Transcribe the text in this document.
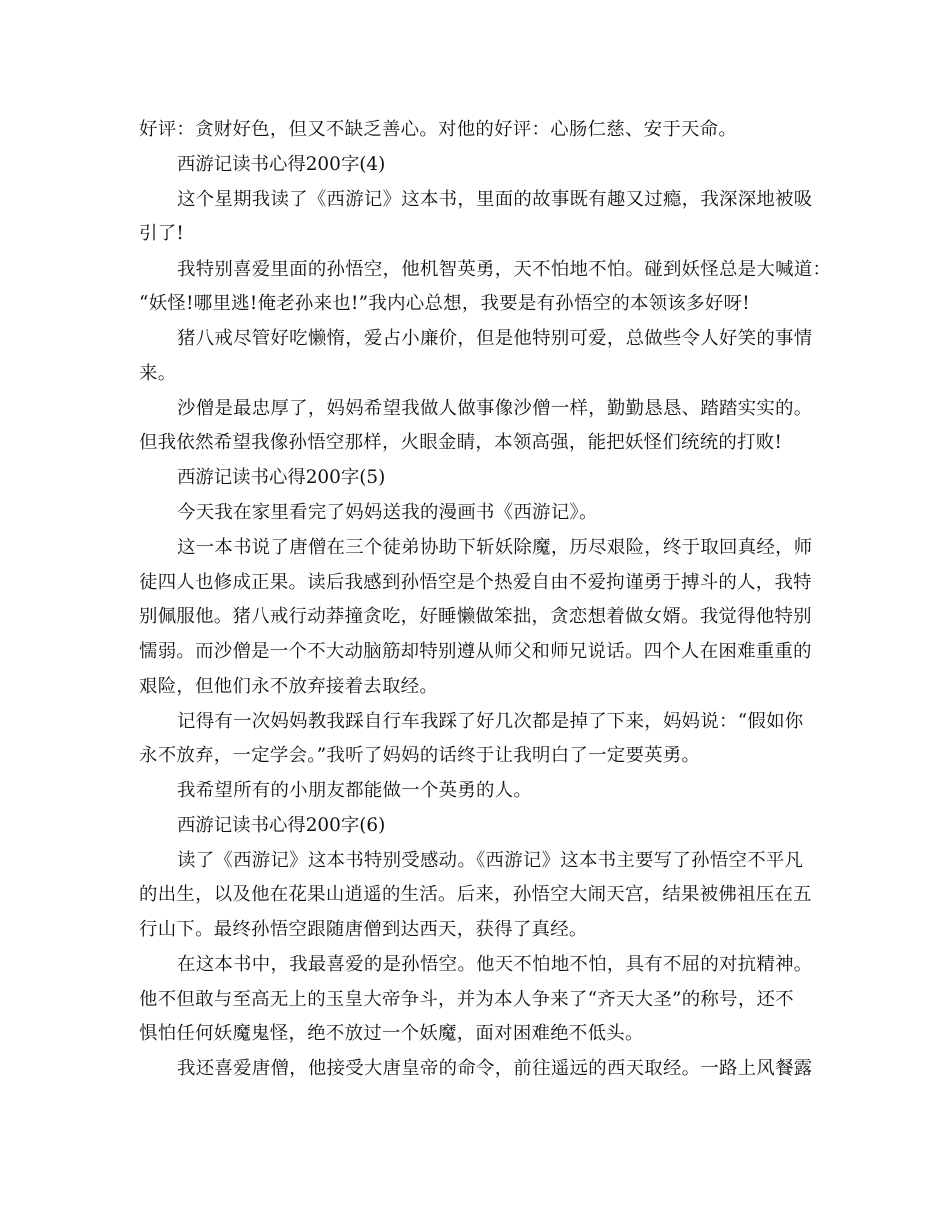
好评：贪财好色，但又不缺乏善心。对他的好评：心肠仁慈、安于天命。
西游记读书心得200字(4)
这个星期我读了《西游记》这本书，里面的故事既有趣又过瘾，我深深地被吸
引了!
我特别喜爱里面的孙悟空，他机智英勇，天不怕地不怕。碰到妖怪总是大喊道：
“妖怪!哪里逃!俺老孙来也!”我内心总想，我要是有孙悟空的本领该多好呀!
猪八戒尽管好吃懒惰，爱占小廉价，但是他特别可爱，总做些令人好笑的事情
来。
沙僧是最忠厚了，妈妈希望我做人做事像沙僧一样，勤勤恳恳、踏踏实实的。
但我依然希望我像孙悟空那样，火眼金睛，本领高强，能把妖怪们统统的打败!
西游记读书心得200字(5)
今天我在家里看完了妈妈送我的漫画书《西游记》。
这一本书说了唐僧在三个徒弟协助下斩妖除魔，历尽艰险，终于取回真经，师
徒四人也修成正果。读后我感到孙悟空是个热爱自由不爱拘谨勇于搏斗的人，我特
别佩服他。猪八戒行动莽撞贪吃，好睡懒做笨拙，贪恋想着做女婿。我觉得他特别
懦弱。而沙僧是一个不大动脑筋却特别遵从师父和师兄说话。四个人在困难重重的
艰险，但他们永不放弃接着去取经。
记得有一次妈妈教我踩自行车我踩了好几次都是掉了下来，妈妈说：“假如你
永不放弃，一定学会。”我听了妈妈的话终于让我明白了一定要英勇。
我希望所有的小朋友都能做一个英勇的人。
西游记读书心得200字(6)
读了《西游记》这本书特别受感动。《西游记》这本书主要写了孙悟空不平凡
的出生，以及他在花果山逍遥的生活。后来，孙悟空大闹天宫，结果被佛祖压在五
行山下。最终孙悟空跟随唐僧到达西天，获得了真经。
在这本书中，我最喜爱的是孙悟空。他天不怕地不怕，具有不屈的对抗精神。
他不但敢与至高无上的玉皇大帝争斗，并为本人争来了“齐天大圣”的称号，还不
惧怕任何妖魔鬼怪，绝不放过一个妖魔，面对困难绝不低头。
我还喜爱唐僧，他接受大唐皇帝的命令，前往遥远的西天取经。一路上风餐露
